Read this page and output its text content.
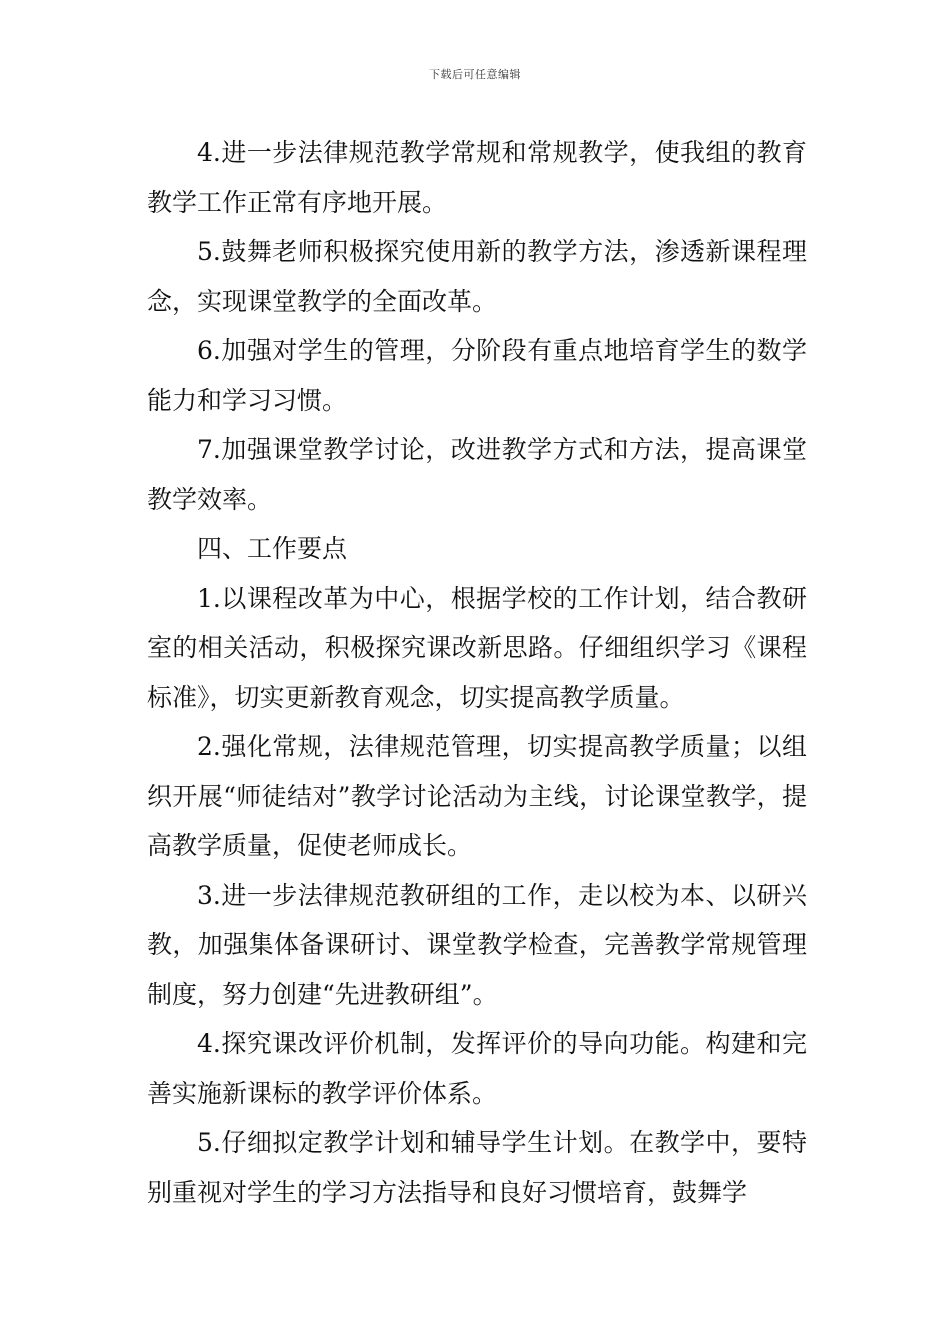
下载后可任意编辑

4.进一步法律规范教学常规和常规教学，使我组的教育教学工作正常有序地开展。

5.鼓舞老师积极探究使用新的教学方法，渗透新课程理念，实现课堂教学的全面改革。

6.加强对学生的管理，分阶段有重点地培育学生的数学能力和学习习惯。

7.加强课堂教学讨论，改进教学方式和方法，提高课堂教学效率。

四、工作要点

1.以课程改革为中心，根据学校的工作计划，结合教研室的相关活动，积极探究课改新思路。仔细组织学习《课程标准》，切实更新教育观念，切实提高教学质量。

2.强化常规，法律规范管理，切实提高教学质量；以组织开展“师徒结对”教学讨论活动为主线，讨论课堂教学，提高教学质量，促使老师成长。

3.进一步法律规范教研组的工作，走以校为本、以研兴教，加强集体备课研讨、课堂教学检查，完善教学常规管理制度，努力创建“先进教研组”。

4.探究课改评价机制，发挥评价的导向功能。构建和完善实施新课标的教学评价体系。

5.仔细拟定教学计划和辅导学生计划。在教学中，要特别重视对学生的学习方法指导和良好习惯培育，鼓舞学
